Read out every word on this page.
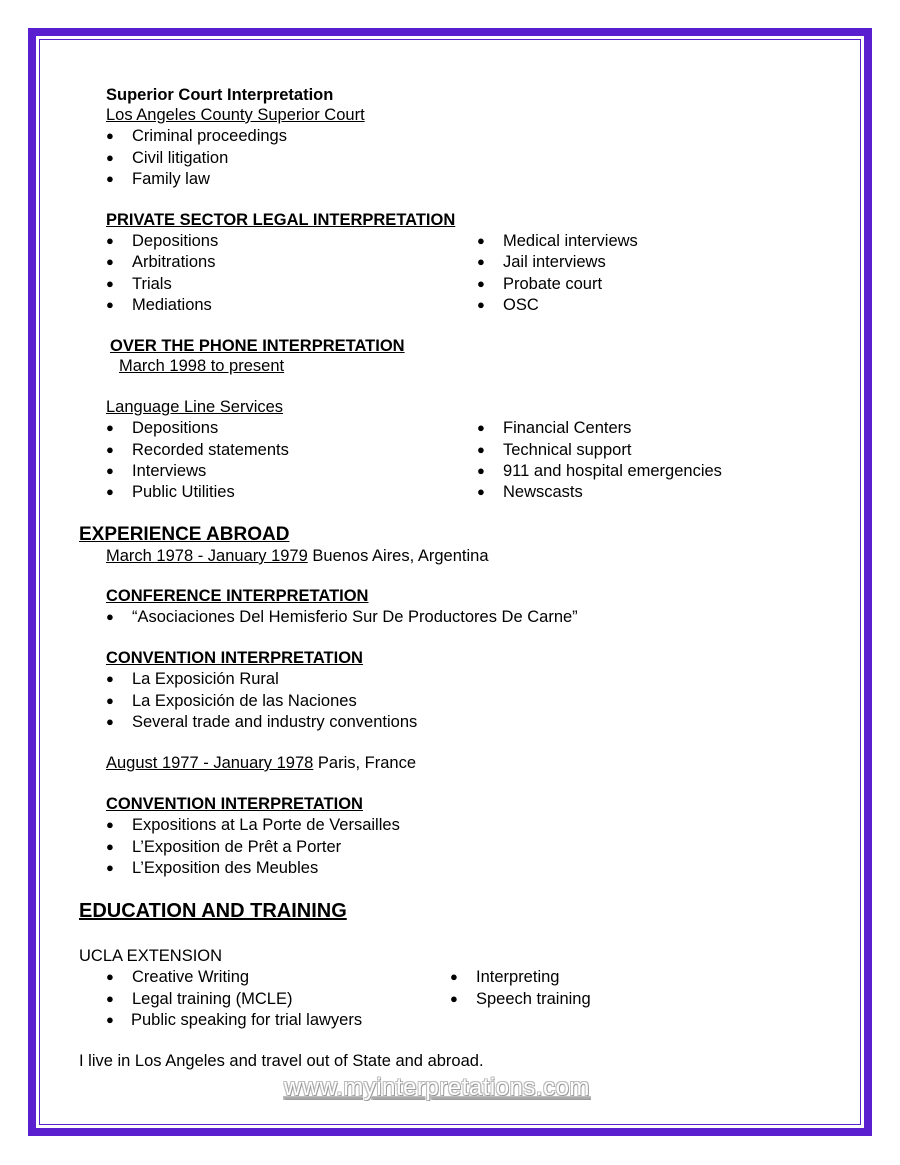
Superior Court Interpretation
Los Angeles County Superior Court
● Criminal proceedings
● Civil litigation
● Family law
PRIVATE SECTOR LEGAL INTERPRETATION
● Depositions
● Arbitrations
● Trials
● Mediations
● Medical interviews
● Jail interviews
● Probate court
● OSC
OVER THE PHONE INTERPRETATION
March 1998 to present
Language Line Services
● Depositions
● Recorded statements
● Interviews
● Public Utilities
● Financial Centers
● Technical support
● 911 and hospital emergencies
● Newscasts
EXPERIENCE ABROAD
March 1978 - January 1979 Buenos Aires, Argentina
CONFERENCE INTERPRETATION
● “Asociaciones Del Hemisferio Sur De Productores De Carne”
CONVENTION INTERPRETATION
● La Exposición Rural
● La Exposición de las Naciones
● Several trade and industry conventions
August 1977 - January 1978 Paris, France
CONVENTION INTERPRETATION
● Expositions at La Porte de Versailles
● L’Exposition de Prêt a Porter
● L’Exposition des Meubles
EDUCATION AND TRAINING
UCLA EXTENSION
● Creative Writing
● Legal training (MCLE)
● Public speaking for trial lawyers
● Interpreting
● Speech training
I live in Los Angeles and travel out of State and abroad.
www.myinterpretations.com
